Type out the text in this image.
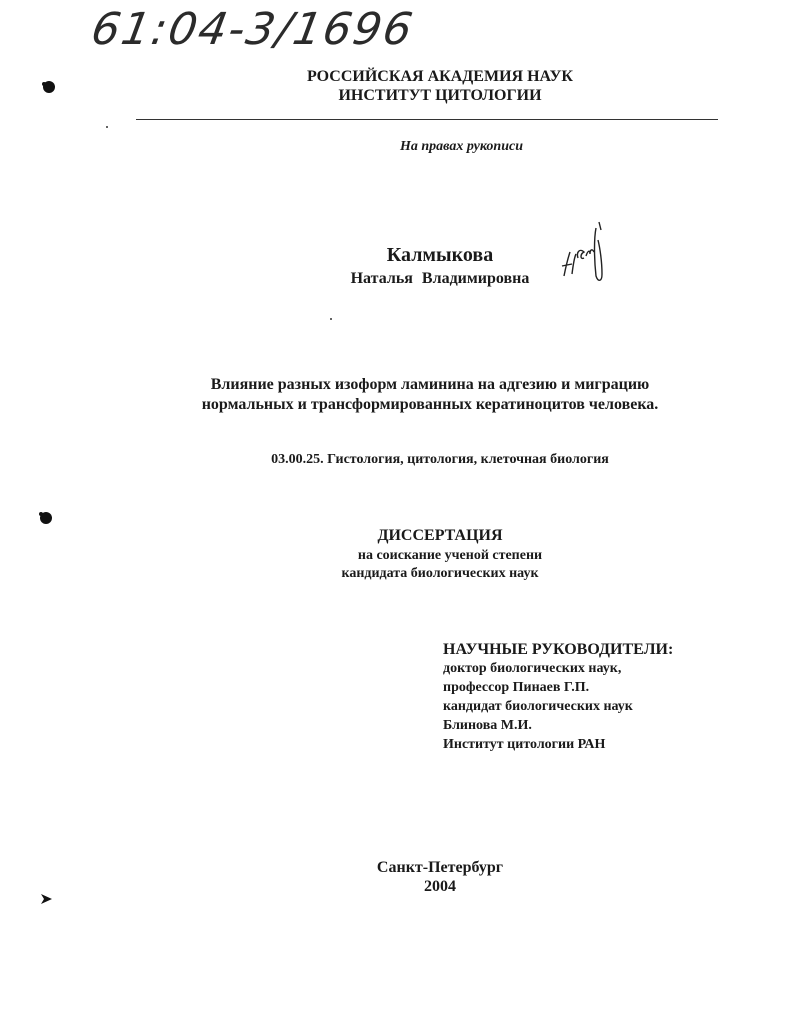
61:04-3/1696
РОССИЙСКАЯ АКАДЕМИЯ НАУК
ИНСТИТУТ ЦИТОЛОГИИ
На правах рукописи
Калмыкова
Наталья Владимировна
Влияние разных изоформ ламинина на адгезию и миграцию
нормальных и трансформированных кератиноцитов человека.
03.00.25. Гистология, цитология, клеточная биология
ДИССЕРТАЦИЯ
на соискание ученой степени
кандидата биологических наук
НАУЧНЫЕ РУКОВОДИТЕЛИ:
доктор биологических наук,
профессор Пинаев Г.П.
кандидат биологических наук
Блинова М.И.
Институт цитологии РАН
Санкт-Петербург
2004
